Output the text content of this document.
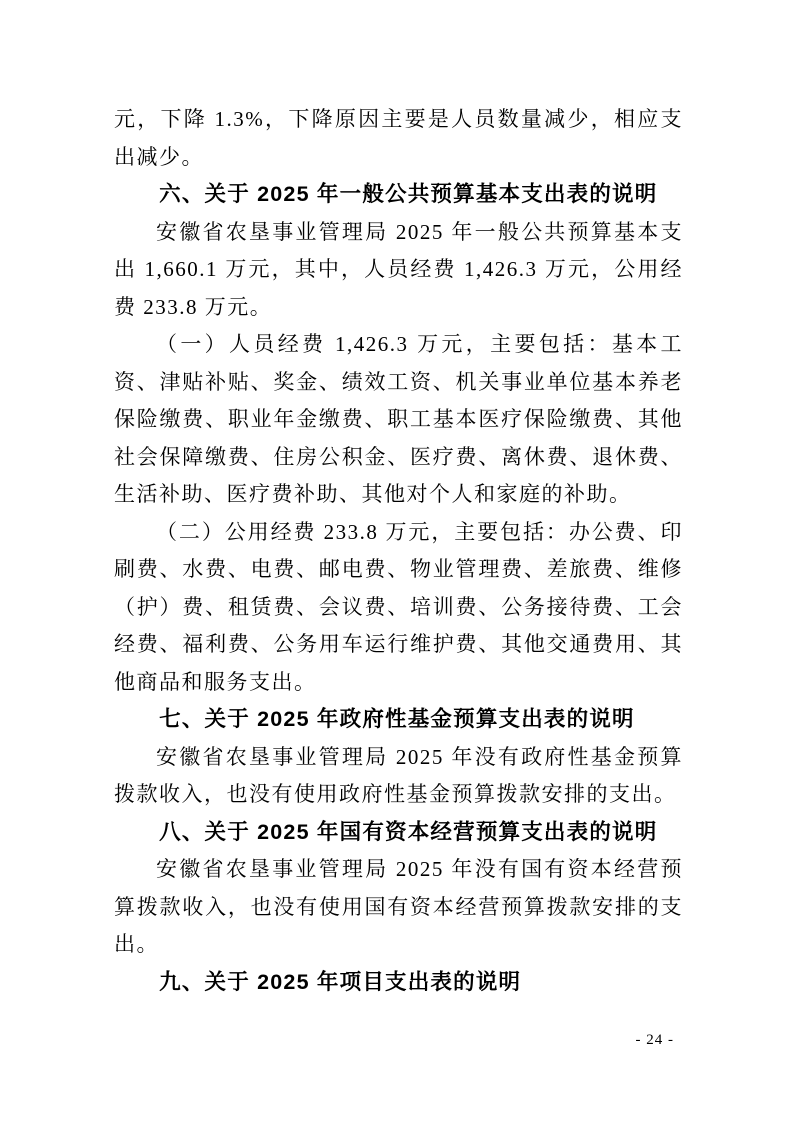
元，下降 1.3%，下降原因主要是人员数量减少，相应支出减少。

六、关于 2025 年一般公共预算基本支出表的说明

安徽省农垦事业管理局 2025 年一般公共预算基本支出 1,660.1 万元，其中，人员经费 1,426.3 万元，公用经费 233.8 万元。

（一）人员经费 1,426.3 万元，主要包括：基本工资、津贴补贴、奖金、绩效工资、机关事业单位基本养老保险缴费、职业年金缴费、职工基本医疗保险缴费、其他社会保障缴费、住房公积金、医疗费、离休费、退休费、生活补助、医疗费补助、其他对个人和家庭的补助。

（二）公用经费 233.8 万元，主要包括：办公费、印刷费、水费、电费、邮电费、物业管理费、差旅费、维修（护）费、租赁费、会议费、培训费、公务接待费、工会经费、福利费、公务用车运行维护费、其他交通费用、其他商品和服务支出。

七、关于 2025 年政府性基金预算支出表的说明

安徽省农垦事业管理局 2025 年没有政府性基金预算拨款收入，也没有使用政府性基金预算拨款安排的支出。

八、关于 2025 年国有资本经营预算支出表的说明

安徽省农垦事业管理局 2025 年没有国有资本经营预算拨款收入，也没有使用国有资本经营预算拨款安排的支出。

九、关于 2025 年项目支出表的说明
- 24 -
